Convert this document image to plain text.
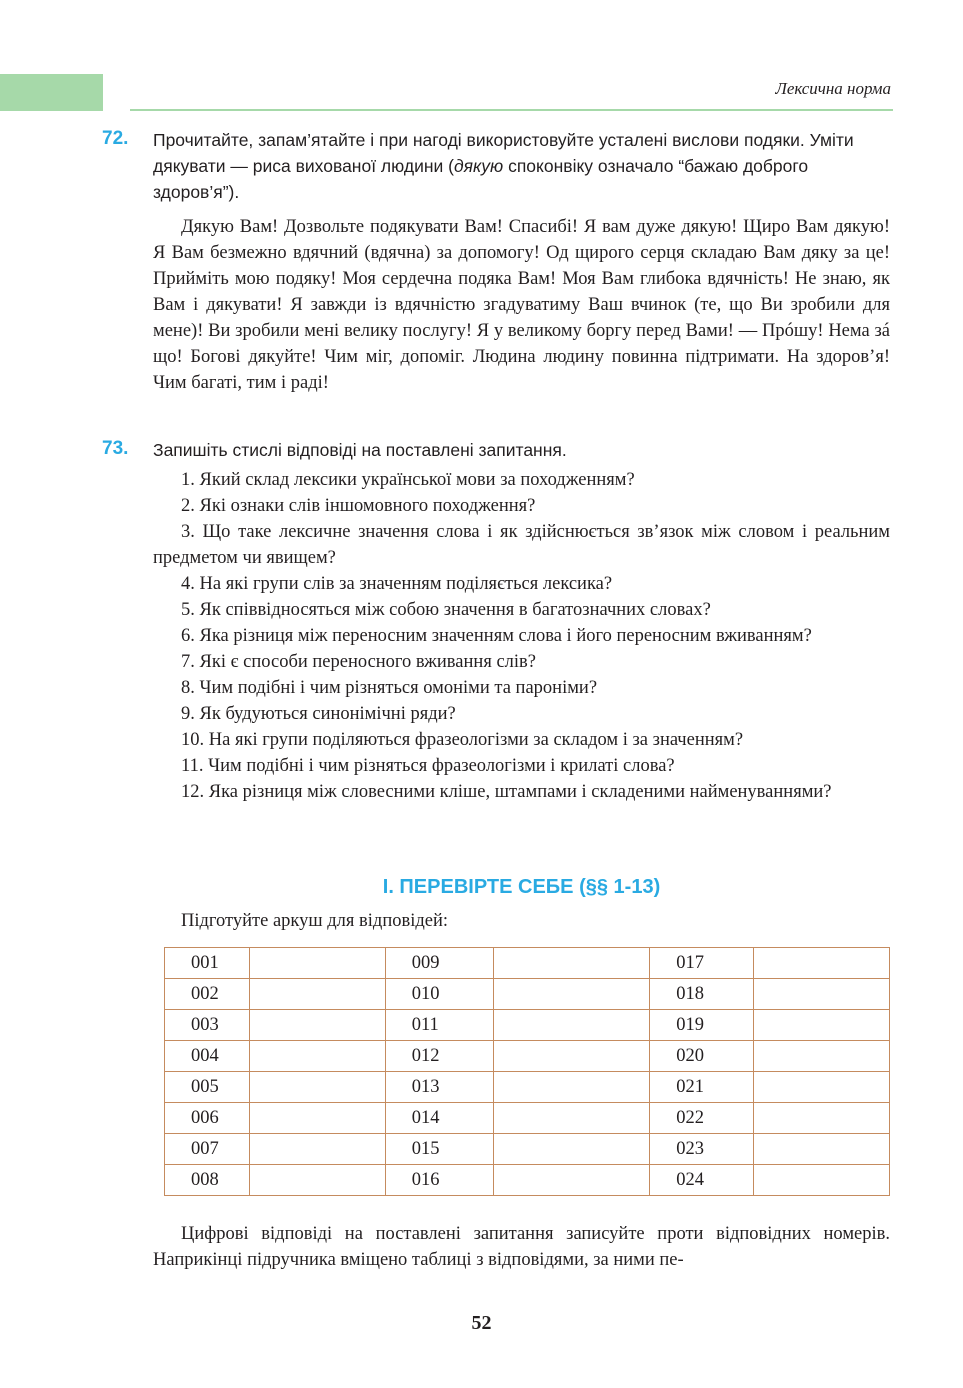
Лексична норма
72. Прочитайте, запам’ятайте і при нагоді використовуйте усталені вислови подяки. Уміти дякувати — риса вихованої людини (дякую споконвіку означало “бажаю доброго здоров’я”).

Дякую Вам! Дозвольте подякувати Вам! Спасибі! Я вам дуже дякую! Щиро Вам дякую! Я Вам безмежно вдячний (вдячна) за допомогу! Од щирого серця складаю Вам дяку за це! Прийміть мою подяку! Моя сердечна подяка Вам! Моя Вам глибока вдячність! Не знаю, як Вам і дякувати! Я завжди із вдячністю згадуватиму Ваш вчинок (те, що Ви зробили для мене)! Ви зробили мені велику послугу! Я у великому боргу перед Вами! — Прóшу! Нема зá що! Богові дякуйте! Чим міг, допоміг. Людина людину повинна підтримати. На здоров’я! Чим багаті, тим і раді!

73. Запишіть стислі відповіді на поставлені запитання.

1. Який склад лексики української мови за походженням?

2. Які ознаки слів іншомовного походження?

3. Що таке лексичне значення слова і як здійснюється зв’язок між словом і реальним предметом чи явищем?

4. На які групи слів за значенням поділяється лексика?

5. Як співвідносяться між собою значення в багатозначних словах?

6. Яка різниця між переносним значенням слова і його переносним вживанням?

7. Які є способи переносного вживання слів?

8. Чим подібні і чим різняться омоніми та пароніми?

9. Як будуються синонімічні ряди?

10. На які групи поділяються фразеологізми за складом і за значенням?

11. Чим подібні і чим різняться фразеологізми і крилаті слова?

12. Яка різниця між словесними кліше, штампами і складеними найменуваннями?

І. ПЕРЕВІРТЕ СЕБЕ (§§ 1-13)

Підготуйте аркуш для відповідей:

001		009		017	
002		010		018	
003		011		019	
004		012		020	
005		013		021	
006		014		022	
007		015		023	
008		016		024	

Цифрові відповіді на поставлені запитання записуйте проти відповідних номерів. Наприкінці підручника вміщено таблиці з відповідями, за ними пе-

52
